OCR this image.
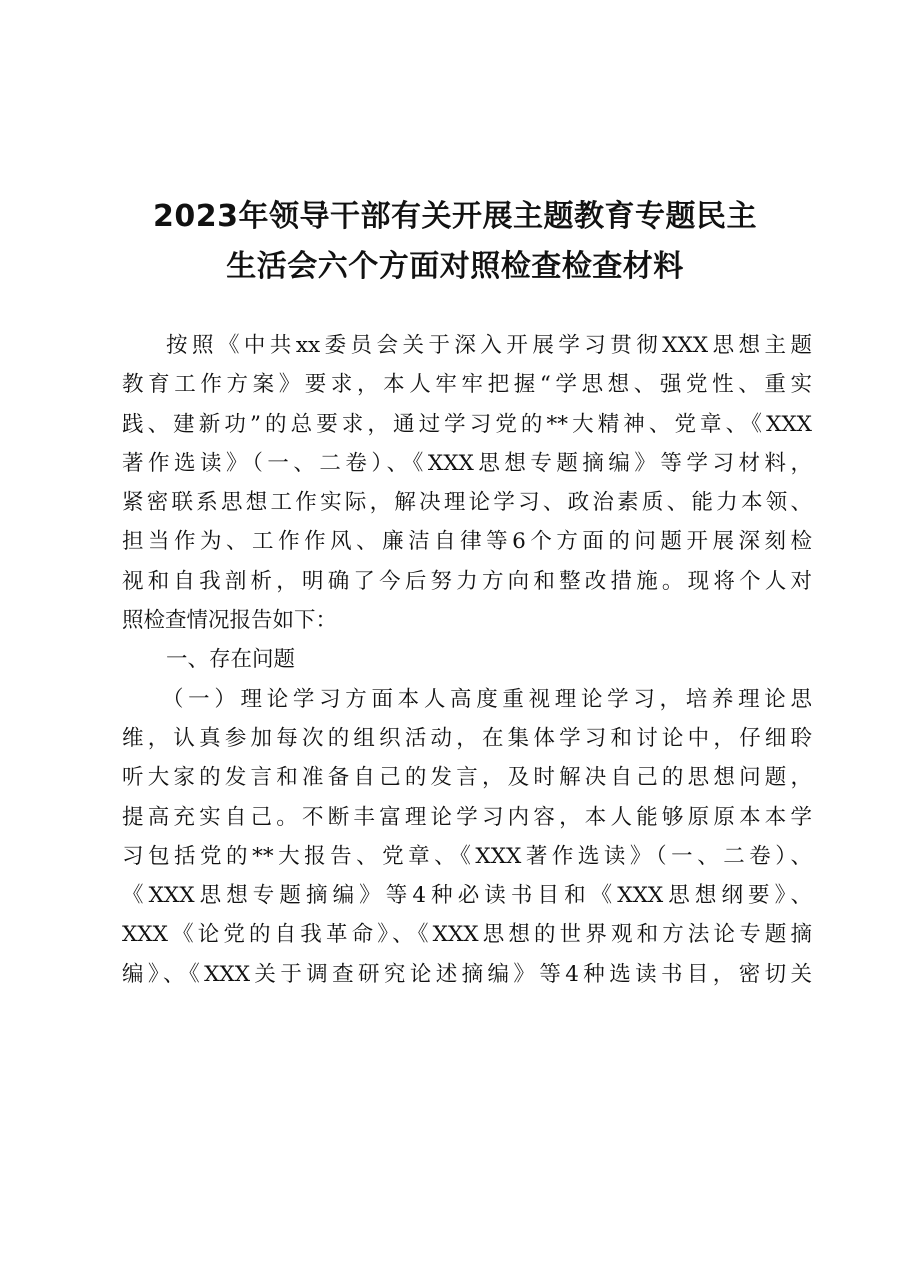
2023年领导干部有关开展主题教育专题民主
生活会六个方面对照检查检查材料
按照《中共xx委员会关于深入开展学习贯彻XXX思想主题
教育工作方案》要求，本人牢牢把握“学思想、强党性、重实
践、建新功”的总要求，通过学习党的**大精神、党章、《XXX
著作选读》（一、二卷）、《XXX思想专题摘编》等学习材料，
紧密联系思想工作实际，解决理论学习、政治素质、能力本领、
担当作为、工作作风、廉洁自律等6个方面的问题开展深刻检
视和自我剖析，明确了今后努力方向和整改措施。现将个人对
照检查情况报告如下：
一、存在问题
（一）理论学习方面本人高度重视理论学习，培养理论思
维，认真参加每次的组织活动，在集体学习和讨论中，仔细聆
听大家的发言和准备自己的发言，及时解决自己的思想问题，
提高充实自己。不断丰富理论学习内容，本人能够原原本本学
习包括党的**大报告、党章、《XXX著作选读》（一、二卷）、
《XXX思想专题摘编》等4种必读书目和《XXX思想纲要》、
XXX《论党的自我革命》、《XXX思想的世界观和方法论专题摘
编》、《XXX关于调查研究论述摘编》等4种选读书目，密切关
